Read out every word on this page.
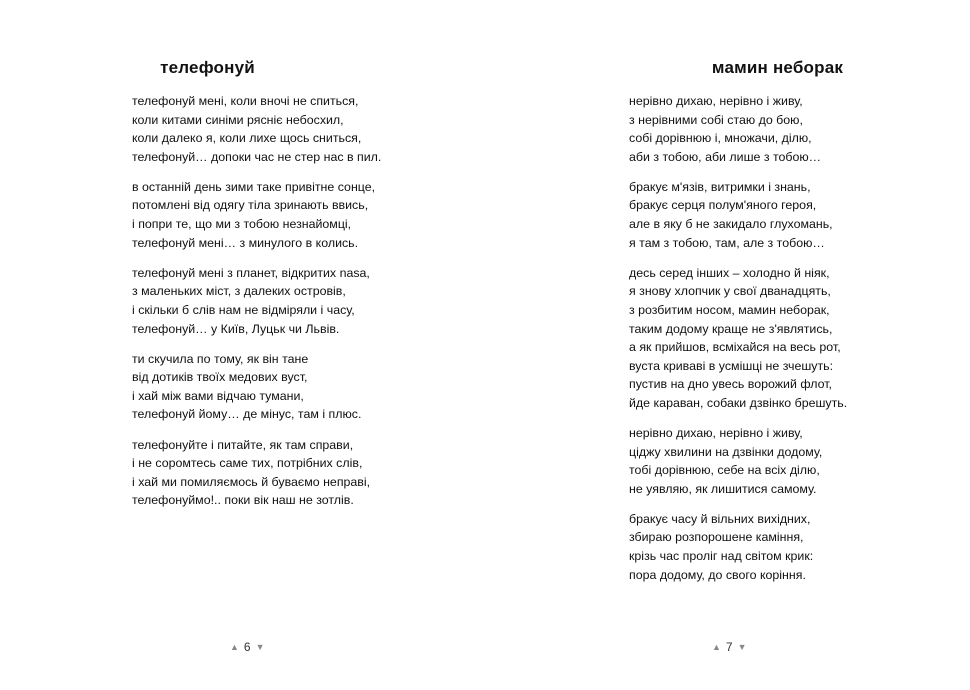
телефонуй
телефонуй мені, коли вночі не спиться,
коли китами синіми рясніє небосхил,
коли далеко я, коли лихе щось сниться,
телефонуй… допоки час не стер нас в пил.
в останній день зими таке привітне сонце,
потомлені від одягу тіла зринають ввись,
і попри те, що ми з тобою незнайомці,
телефонуй мені… з минулого в колись.
телефонуй мені з планет, відкритих nasa,
з маленьких міст, з далеких островів,
і скільки б слів нам не відміряли і часу,
телефонуй… у Київ, Луцьк чи Львів.
ти скучила по тому, як він тане
від дотиків твоїх медових вуст,
і хай між вами відчаю тумани,
телефонуй йому… де мінус, там і плюс.
телефонуйте і питайте, як там справи,
і не соромтесь саме тих, потрібних слів,
і хай ми помиляємось й буваємо неправі,
телефонуймо!.. поки вік наш не зотлів.
▲ 6 ▼
мамин неборак
нерівно дихаю, нерівно і живу,
з нерівними собі стаю до бою,
собі дорівнюю і, множачи, ділю,
аби з тобою, аби лише з тобою…
бракує м'язів, витримки і знань,
бракує серця полум'яного героя,
але в яку б не закидало глухомань,
я там з тобою, там, але з тобою…
десь серед інших – холодно й ніяк,
я знову хлопчик у свої дванадцять,
з розбитим носом, мамин неборак,
таким додому краще не з'являтись,
а як прийшов, всміхайся на весь рот,
вуста криваві в усмішці не зчешуть:
пустив на дно увесь ворожий флот,
йде караван, собаки дзвінко брешуть.
нерівно дихаю, нерівно і живу,
ціджу хвилини на дзвінки додому,
тобі дорівнюю, себе на всіх ділю,
не уявляю, як лишитися самому.
бракує часу й вільних вихідних,
збираю розпорошене каміння,
крізь час проліг над світом крик:
пора додому, до свого коріння.
▲ 7 ▼
